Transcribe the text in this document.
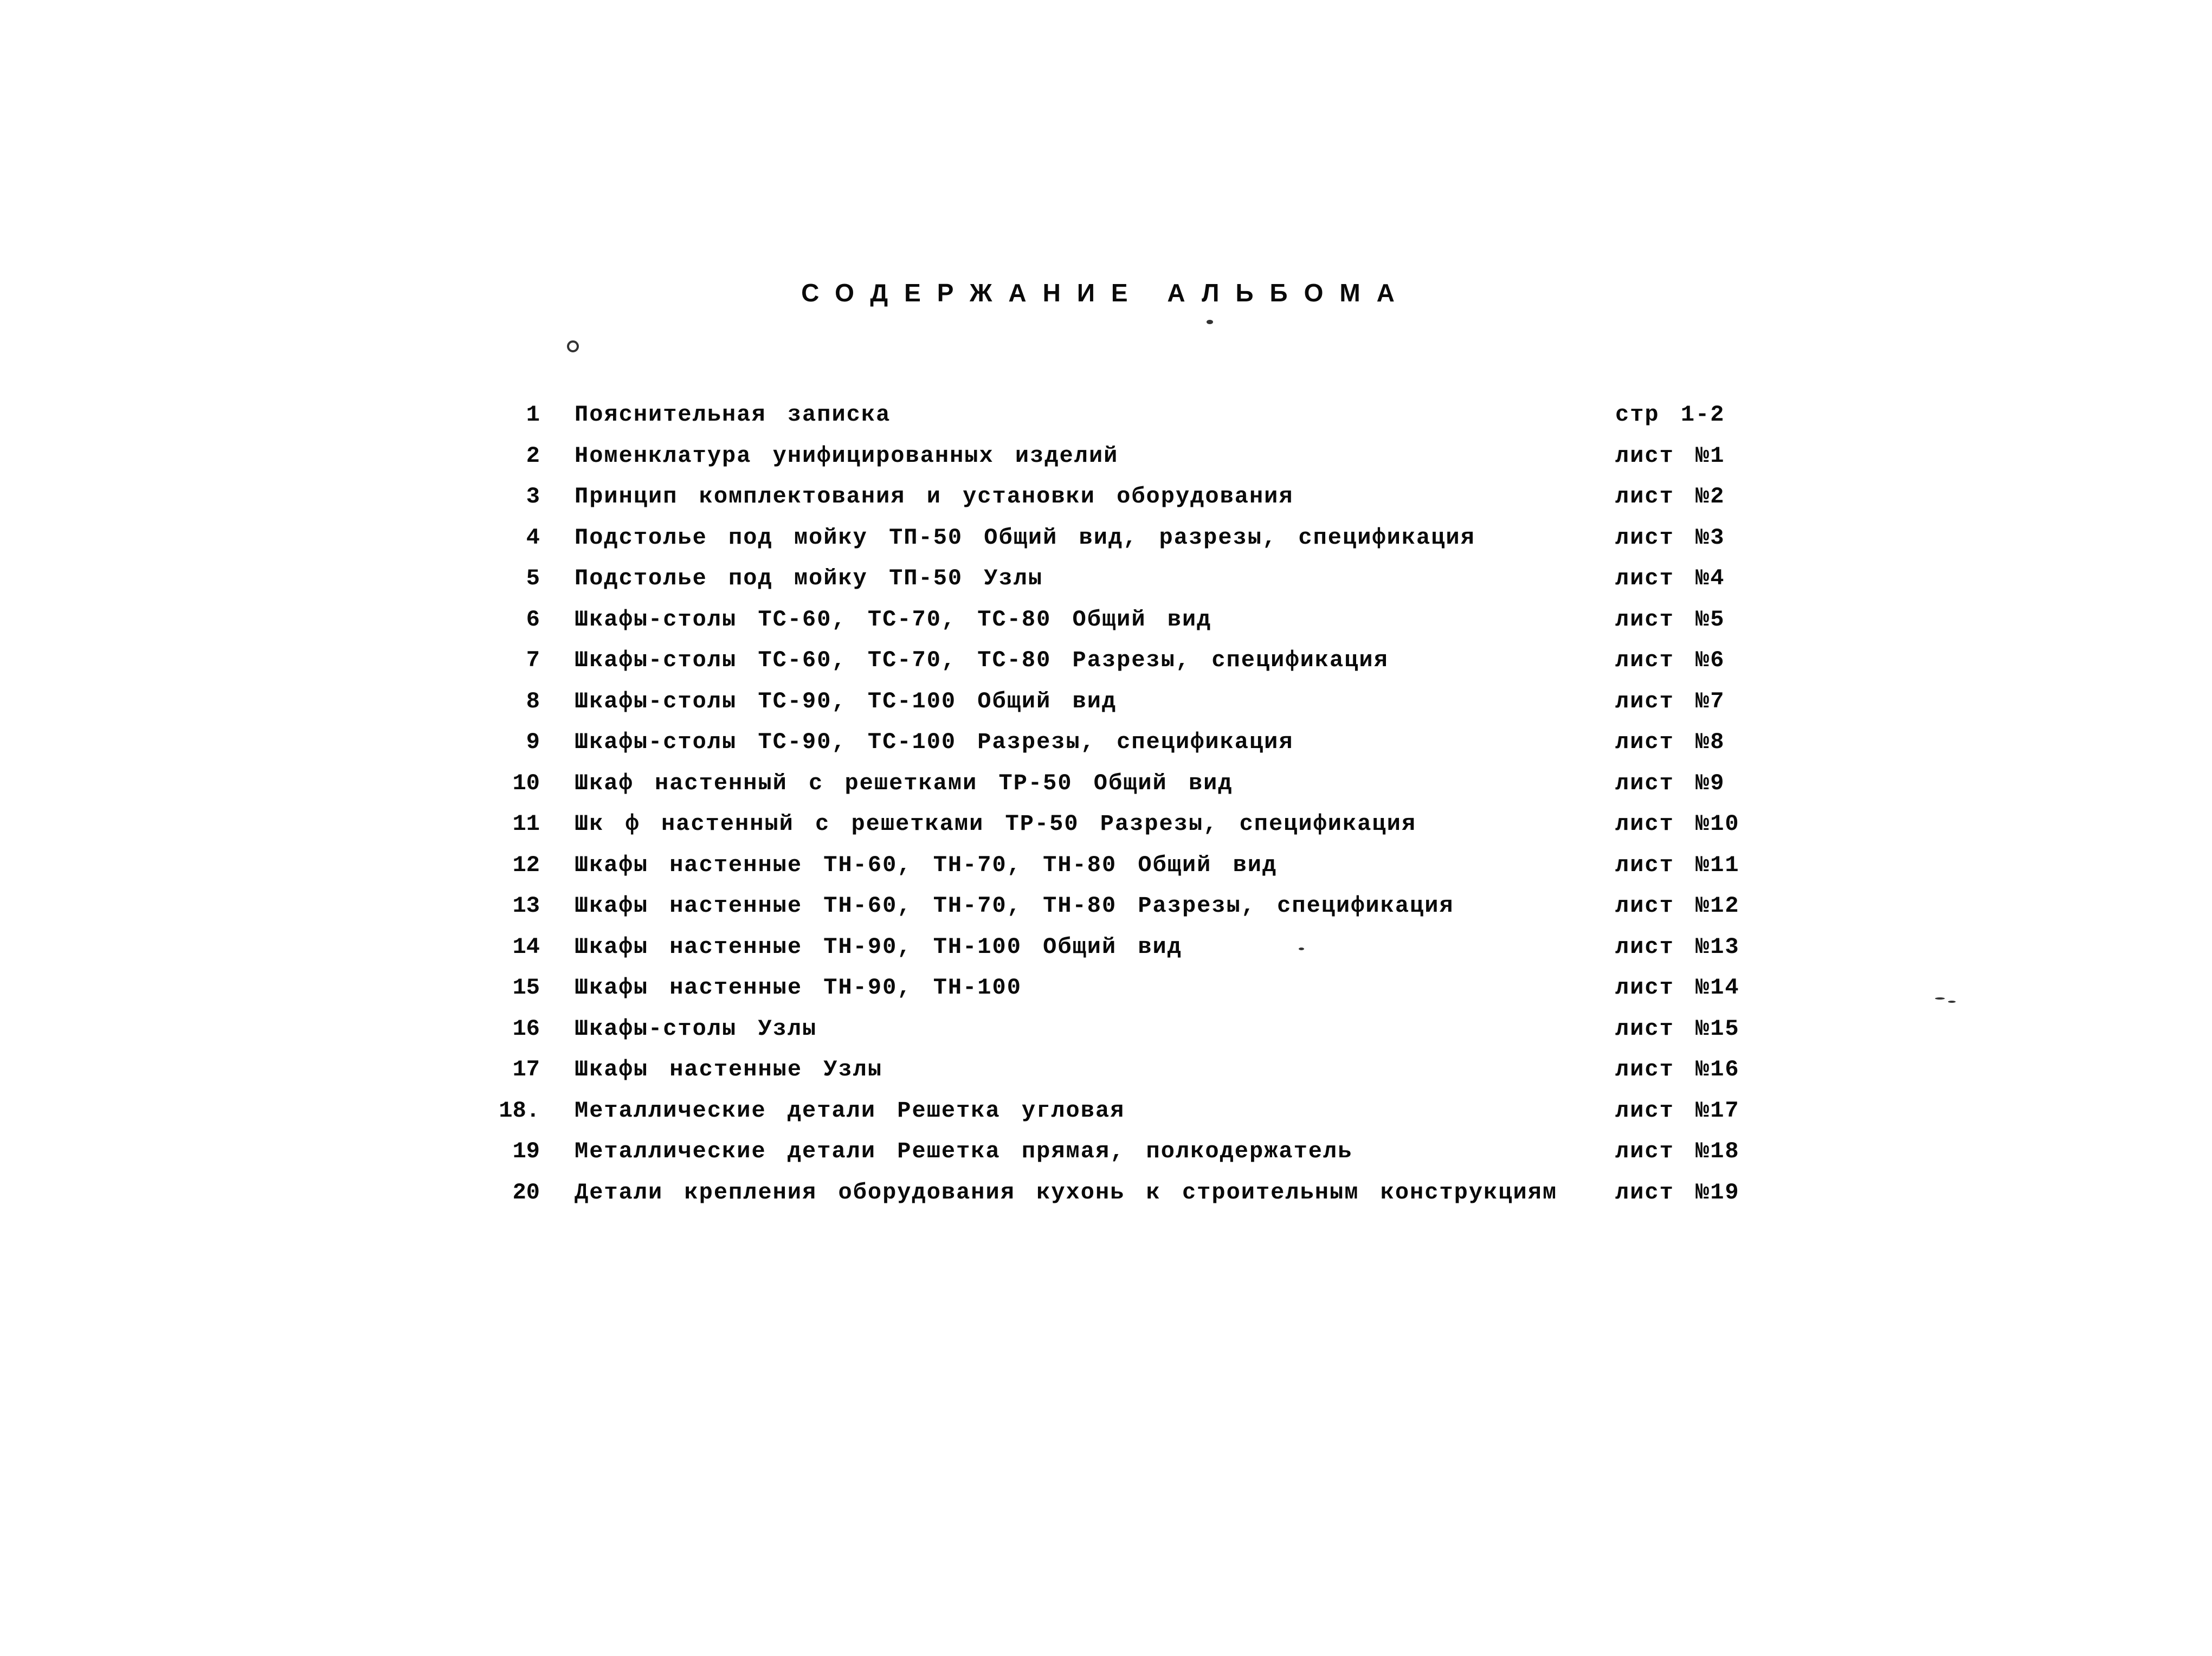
СОДЕРЖАНИЕ АЛЬБОМА
1 Пояснительная записка	стр 1-2
2 Номенклатура унифицированных изделий	лист №1
3 Принцип комплектования и установки оборудования	лист №2
4 Подстолье под мойку ТП-50 Общий вид, разрезы, спецификация	лист №3
5 Подстолье под мойку ТП-50 Узлы	лист №4
6 Шкафы-столы ТС-60, ТС-70, ТС-80 Общий вид	лист №5
7 Шкафы-столы ТС-60, ТС-70, ТС-80 Разрезы, спецификация	лист №6
8 Шкафы-столы ТС-90, ТС-100 Общий вид	лист №7
9 Шкафы-столы ТС-90, ТС-100 Разрезы, спецификация	лист №8
10 Шкаф настенный с решетками ТР-50 Общий вид	лист №9
11 Шк ф настенный с решетками ТР-50 Разрезы, спецификация	лист №10
12 Шкафы настенные ТН-60, ТН-70, ТН-80 Общий вид	лист №11
13 Шкафы настенные ТН-60, ТН-70, ТН-80 Разрезы, спецификация	лист №12
14 Шкафы настенные ТН-90, ТН-100 Общий вид	лист №13
15 Шкафы настенные ТН-90, ТН-100	лист №14
16 Шкафы-столы Узлы	лист №15
17 Шкафы настенные Узлы	лист №16
18. Металлические детали Решетка угловая	лист №17
19 Металлические детали Решетка прямая, полкодержатель	лист №18
20 Детали крепления оборудования кухонь к строительным конструкциям	лист №19
